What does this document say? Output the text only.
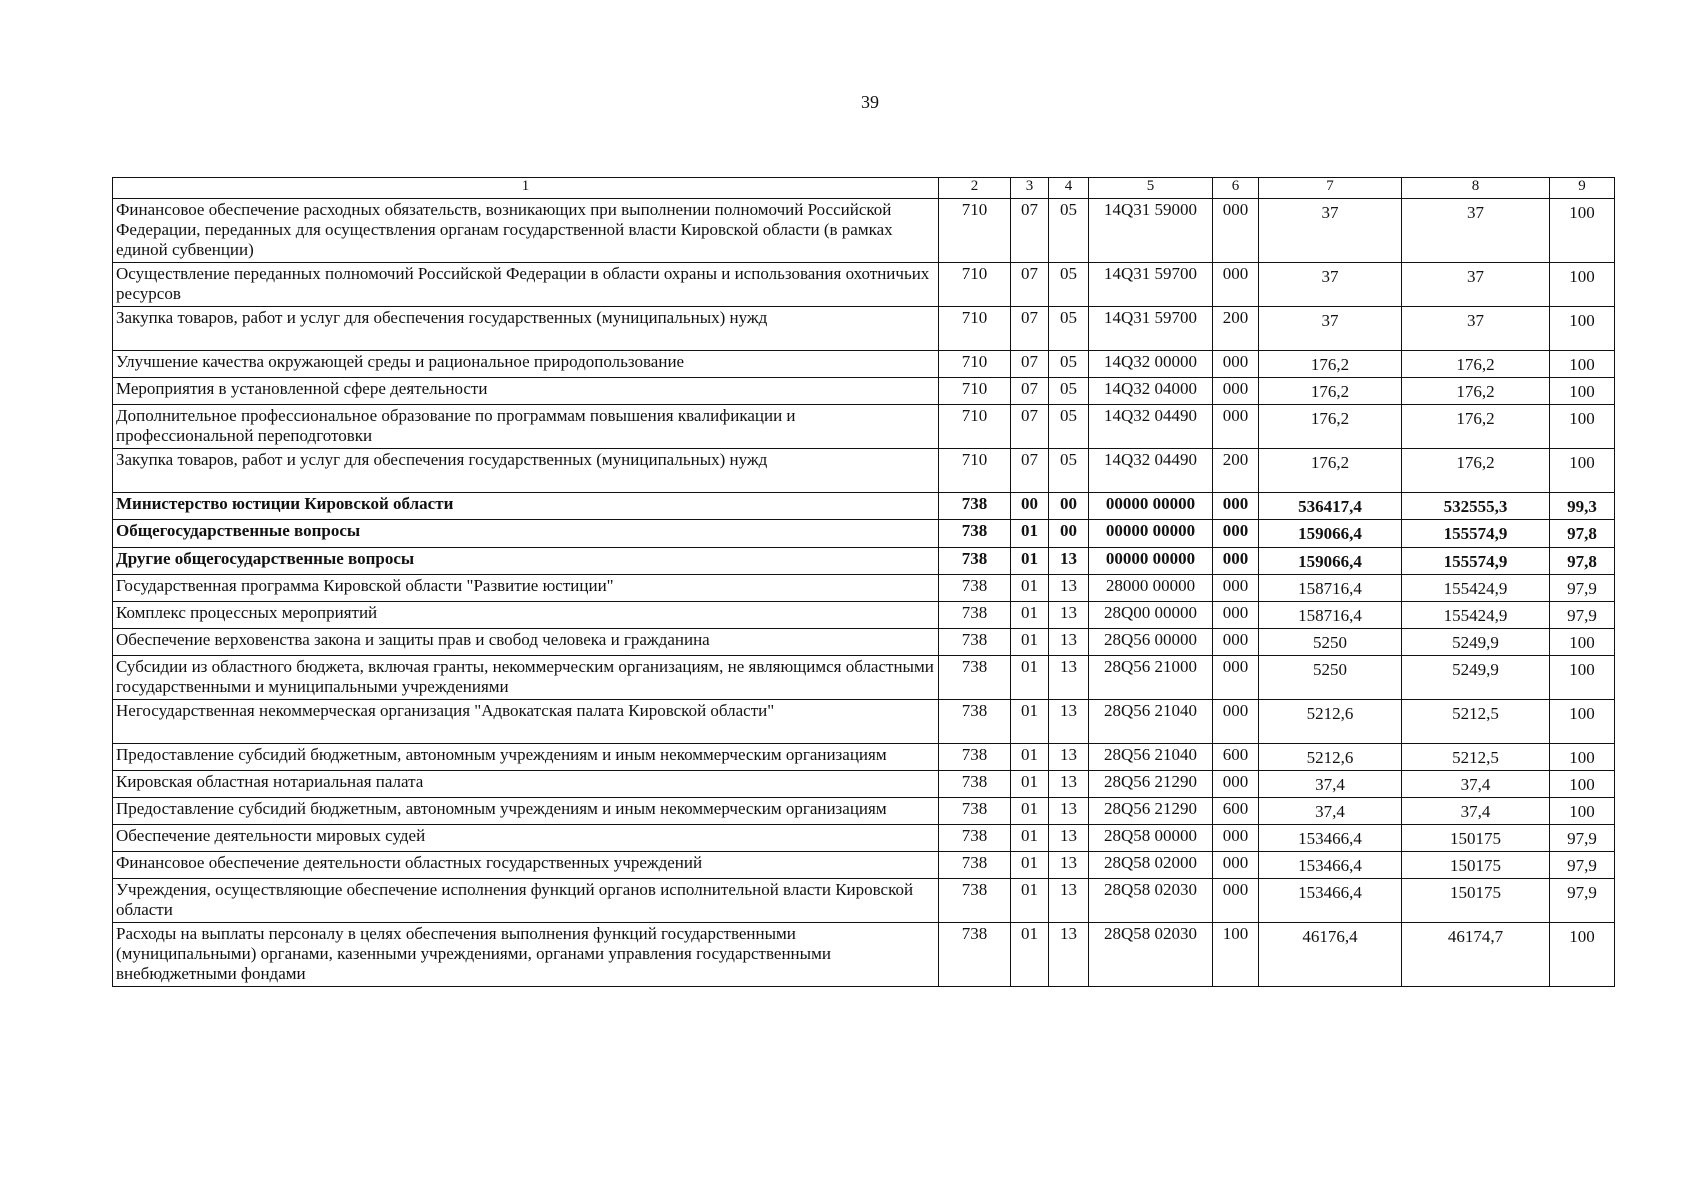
39
1	2	3	4	5	6	7	8	9
Финансовое обеспечение расходных обязательств, возникающих при выполнении полномочий Российской Федерации, переданных для осуществления органам государственной власти Кировской области (в рамках единой субвенции)	710	07	05	14Q31 59000	000	37	37	100
Осуществление переданных полномочий Российской Федерации в области охраны и использования охотничьих ресурсов	710	07	05	14Q31 59700	000	37	37	100
Закупка товаров, работ и услуг для обеспечения государственных (муниципальных) нужд	710	07	05	14Q31 59700	200	37	37	100
Улучшение качества окружающей среды и рациональное природопользование	710	07	05	14Q32 00000	000	176,2	176,2	100
Мероприятия в установленной сфере деятельности	710	07	05	14Q32 04000	000	176,2	176,2	100
Дополнительное профессиональное образование по программам повышения квалификации и профессиональной переподготовки	710	07	05	14Q32 04490	000	176,2	176,2	100
Закупка товаров, работ и услуг для обеспечения государственных (муниципальных) нужд	710	07	05	14Q32 04490	200	176,2	176,2	100
Министерство юстиции Кировской области	738	00	00	00000 00000	000	536417,4	532555,3	99,3
Общегосударственные вопросы	738	01	00	00000 00000	000	159066,4	155574,9	97,8
Другие общегосударственные вопросы	738	01	13	00000 00000	000	159066,4	155574,9	97,8
Государственная программа Кировской области "Развитие юстиции"	738	01	13	28000 00000	000	158716,4	155424,9	97,9
Комплекс процессных мероприятий	738	01	13	28Q00 00000	000	158716,4	155424,9	97,9
Обеспечение верховенства закона и защиты прав и свобод человека и гражданина	738	01	13	28Q56 00000	000	5250	5249,9	100
Субсидии из областного бюджета, включая гранты, некоммерческим организациям, не являющимся областными государственными и муниципальными учреждениями	738	01	13	28Q56 21000	000	5250	5249,9	100
Негосударственная некоммерческая организация "Адвокатская палата Кировской области"	738	01	13	28Q56 21040	000	5212,6	5212,5	100
Предоставление субсидий бюджетным, автономным учреждениям и иным некоммерческим организациям	738	01	13	28Q56 21040	600	5212,6	5212,5	100
Кировская областная нотариальная палата	738	01	13	28Q56 21290	000	37,4	37,4	100
Предоставление субсидий бюджетным, автономным учреждениям и иным некоммерческим организациям	738	01	13	28Q56 21290	600	37,4	37,4	100
Обеспечение деятельности мировых судей	738	01	13	28Q58 00000	000	153466,4	150175	97,9
Финансовое обеспечение деятельности областных государственных учреждений	738	01	13	28Q58 02000	000	153466,4	150175	97,9
Учреждения, осуществляющие обеспечение исполнения функций органов исполнительной власти Кировской области	738	01	13	28Q58 02030	000	153466,4	150175	97,9
Расходы на выплаты персоналу в целях обеспечения выполнения функций государственными (муниципальными) органами, казенными учреждениями, органами управления государственными внебюджетными фондами	738	01	13	28Q58 02030	100	46176,4	46174,7	100
